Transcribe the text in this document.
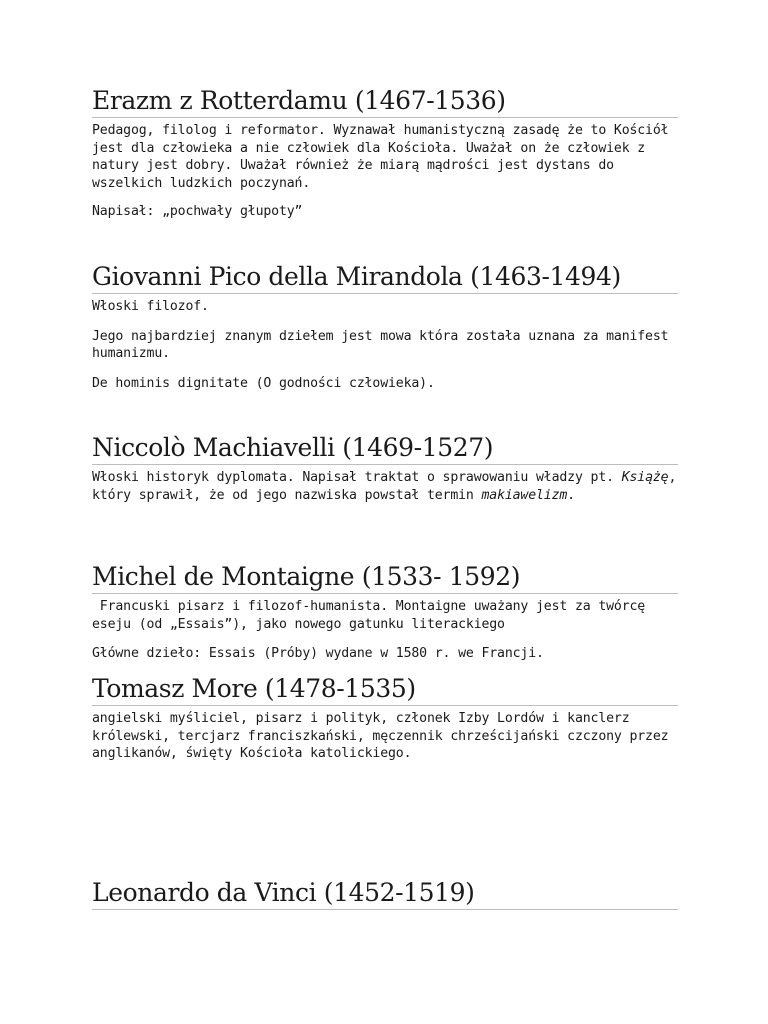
Erazm z Rotterdamu (1467-1536)

Pedagog, filolog i reformator. Wyznawał humanistyczną zasadę że to Kościół jest dla człowieka a nie człowiek dla Kościoła. Uważał on że człowiek z natury jest dobry. Uważał również że miarą mądrości jest dystans do wszelkich ludzkich poczynań.

Napisał: „pochwały głupoty”

Giovanni Pico della Mirandola (1463-1494)

Włoski filozof.

Jego najbardziej znanym dziełem jest mowa która została uznana za manifest humanizmu.

De hominis dignitate (O godności człowieka).

Niccolò Machiavelli (1469-1527)

Włoski historyk dyplomata. Napisał traktat o sprawowaniu władzy pt. Książę, który sprawił, że od jego nazwiska powstał termin makiawelizm.

Michel de Montaigne (1533- 1592)

Francuski pisarz i filozof-humanista. Montaigne uważany jest za twórcę eseju (od „Essais”), jako nowego gatunku literackiego

Główne dzieło: Essais (Próby) wydane w 1580 r. we Francji.

Tomasz More (1478-1535)

angielski myśliciel, pisarz i polityk, członek Izby Lordów i kanclerz królewski, tercjarz franciszkański, męczennik chrześcijański czczony przez anglikanów, święty Kościoła katolickiego.

Leonardo da Vinci (1452-1519)
